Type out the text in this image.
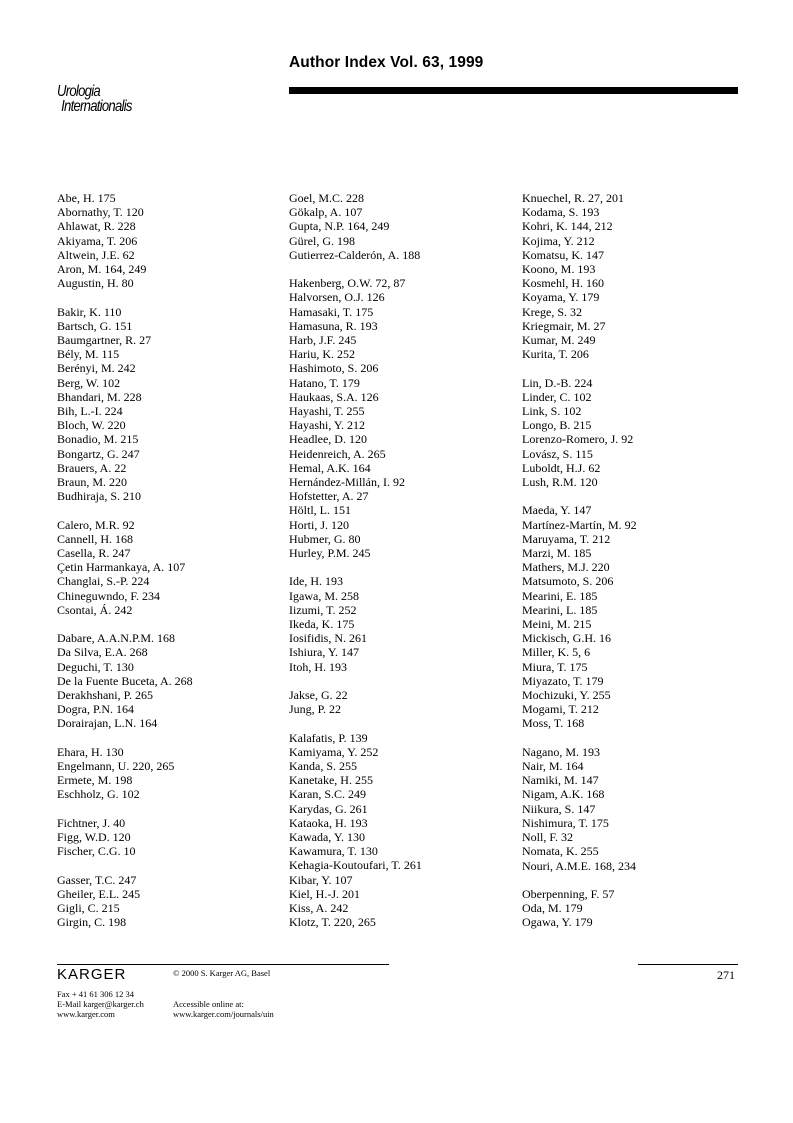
Author Index Vol. 63, 1999
Urologia
Internationalis
Abe, H. 175
Abornathy, T. 120
Ahlawat, R. 228
Akiyama, T. 206
Altwein, J.E. 62
Aron, M. 164, 249
Augustin, H. 80
Bakir, K. 110
Bartsch, G. 151
Baumgartner, R. 27
Bély, M. 115
Berényi, M. 242
Berg, W. 102
Bhandari, M. 228
Bih, L.-I. 224
Bloch, W. 220
Bonadio, M. 215
Bongartz, G. 247
Brauers, A. 22
Braun, M. 220
Budhiraja, S. 210
Calero, M.R. 92
Cannell, H. 168
Casella, R. 247
Çetin Harmankaya, A. 107
Changlai, S.-P. 224
Chineguwndo, F. 234
Csontai, Á. 242
Dabare, A.A.N.P.M. 168
Da Silva, E.A. 268
Deguchi, T. 130
De la Fuente Buceta, A. 268
Derakhshani, P. 265
Dogra, P.N. 164
Dorairajan, L.N. 164
Ehara, H. 130
Engelmann, U. 220, 265
Ermete, M. 198
Eschholz, G. 102
Fichtner, J. 40
Figg, W.D. 120
Fischer, C.G. 10
Gasser, T.C. 247
Gheiler, E.L. 245
Gigli, C. 215
Girgin, C. 198
Goel, M.C. 228
Gökalp, A. 107
Gupta, N.P. 164, 249
Gürel, G. 198
Gutierrez-Calderón, A. 188
Hakenberg, O.W. 72, 87
Halvorsen, O.J. 126
Hamasaki, T. 175
Hamasuna, R. 193
Harb, J.F. 245
Hariu, K. 252
Hashimoto, S. 206
Hatano, T. 179
Haukaas, S.A. 126
Hayashi, T. 255
Hayashi, Y. 212
Headlee, D. 120
Heidenreich, A. 265
Hemal, A.K. 164
Hernández-Millán, I. 92
Hofstetter, A. 27
Höltl, L. 151
Horti, J. 120
Hubmer, G. 80
Hurley, P.M. 245
Ide, H. 193
Igawa, M. 258
Iizumi, T. 252
Ikeda, K. 175
Iosifidis, N. 261
Ishiura, Y. 147
Itoh, H. 193
Jakse, G. 22
Jung, P. 22
Kalafatis, P. 139
Kamiyama, Y. 252
Kanda, S. 255
Kanetake, H. 255
Karan, S.C. 249
Karydas, G. 261
Kataoka, H. 193
Kawada, Y. 130
Kawamura, T. 130
Kehagia-Koutoufari, T. 261
Kibar, Y. 107
Kiel, H.-J. 201
Kiss, A. 242
Klotz, T. 220, 265
Knuechel, R. 27, 201
Kodama, S. 193
Kohri, K. 144, 212
Kojima, Y. 212
Komatsu, K. 147
Koono, M. 193
Kosmehl, H. 160
Koyama, Y. 179
Krege, S. 32
Kriegmair, M. 27
Kumar, M. 249
Kurita, T. 206
Lin, D.-B. 224
Linder, C. 102
Link, S. 102
Longo, B. 215
Lorenzo-Romero, J. 92
Lovász, S. 115
Luboldt, H.J. 62
Lush, R.M. 120
Maeda, Y. 147
Martínez-Martín, M. 92
Maruyama, T. 212
Marzi, M. 185
Mathers, M.J. 220
Matsumoto, S. 206
Mearini, E. 185
Mearini, L. 185
Meini, M. 215
Mickisch, G.H. 16
Miller, K. 5, 6
Miura, T. 175
Miyazato, T. 179
Mochizuki, Y. 255
Mogami, T. 212
Moss, T. 168
Nagano, M. 193
Nair, M. 164
Namiki, M. 147
Nigam, A.K. 168
Niikura, S. 147
Nishimura, T. 175
Noll, F. 32
Nomata, K. 255
Nouri, A.M.E. 168, 234
Oberpenning, F. 57
Oda, M. 179
Ogawa, Y. 179
KARGER	© 2000 S. Karger AG, Basel
Fax + 41 61 306 12 34
E-Mail karger@karger.ch
www.karger.com
Accessible online at:
www.karger.com/journals/uin
271
